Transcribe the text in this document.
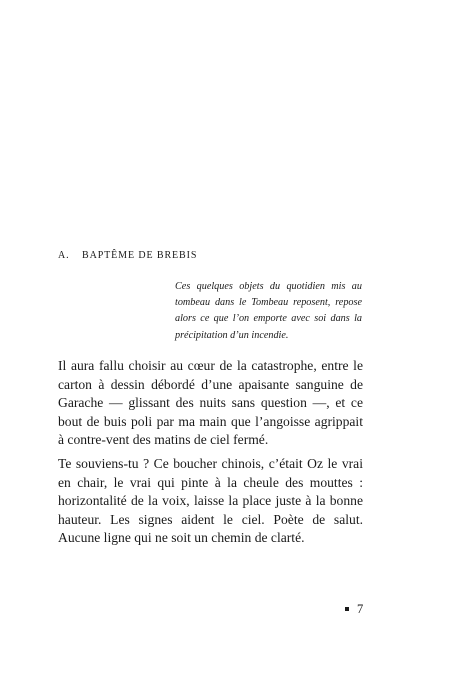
A. BAPTÊME DE BREBIS
Ces quelques objets du quotidien mis au tombeau dans le Tombeau reposent, repose alors ce que l’on emporte avec soi dans la précipitation d’un incendie.

Il aura fallu choisir au cœur de la catastrophe, entre le carton à dessin débordé d’une apaisante sanguine de Garache — glissant des nuits sans question —, et ce bout de buis poli par ma main que l’angoisse agrippait à contre-vent des matins de ciel fermé.

Te souviens-tu ? Ce boucher chinois, c’était Oz le vrai en chair, le vrai qui pinte à la cheule des mouttes : horizontalité de la voix, laisse la place juste à la bonne hauteur. Les signes aident le ciel. Poète de salut. Aucune ligne qui ne soit un chemin de clarté.

7
